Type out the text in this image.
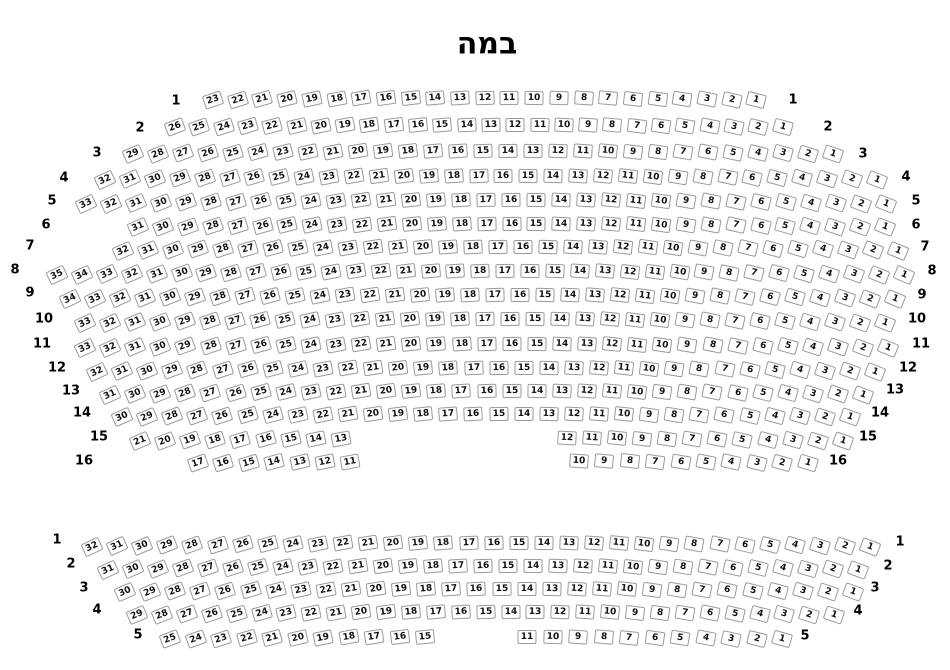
במה
23	22	21	20	19	18	17	16	15	14	13	12	11	10	9	8	7	6	5	4	3	2	1
1	1
26	25	24	23	22	21	20	19	18	17	16	15	14	13	12	11	10	9	8	7	6	5	4	3	2	1
2	2
29	28	27	26	25	24	23	22	21	20	19	18	17	16	15	14	13	12	11	10	9	8	7	6	5	4	3	2	1
3	3
32	31	30	29	28	27	26	25	24	23	22	21	20	19	18	17	16	15	14	13	12	11	10	9	8	7	6	5	4	3	2	1
4	4
33	32	31	30	29	28	27	26	25	24	23	22	21	20	19	18	17	16	15	14	13	12	11	10	9	8	7	6	5	4	3	2	1
5	5
31	30	29	28	27	26	25	24	23	22	21	20	19	18	17	16	15	14	13	12	11	10	9	8	7	6	5	4	3	2	1
6	6
32	31	30	29	28	27	26	25	24	23	22	21	20	19	18	17	16	15	14	13	12	11	10	9	8	7	6	5	4	3	2	1
7	7
35	34	33	32	31	30	29	28	27	26	25	24	23	22	21	20	19	18	17	16	15	14	13	12	11	10	9	8	7	6	5	4	3	2	1
8	8
34	33	32	31	30	29	28	27	26	25	24	23	22	21	20	19	18	17	16	15	14	13	12	11	10	9	8	7	6	5	4	3	2	1
9	9
33	32	31	30	29	28	27	26	25	24	23	22	21	20	19	18	17	16	15	14	13	12	11	10	9	8	7	6	5	4	3	2	1
10	10
33	32	31	30	29	28	27	26	25	24	23	22	21	20	19	18	17	16	15	14	13	12	11	10	9	8	7	6	5	4	3	2	1
11	11
32	31	30	29	28	27	26	25	24	23	22	21	20	19	18	17	16	15	14	13	12	11	10	9	8	7	6	5	4	3	2	1
12	12
31	30	29	28	27	26	25	24	23	22	21	20	19	18	17	16	15	14	13	12	11	10	9	8	7	6	5	4	3	2	1
13	13
30	29	28	27	26	25	24	23	22	21	20	19	18	17	16	15	14	13	12	11	10	9	8	7	6	5	4	3	2	1
14	14
21	20	19	18	17	16	15	14	13	12	11	10	9	8	7	6	5	4	3	2	1
15	15
17	16	15	14	13	12	11	10	9	8	7	6	5	4	3	2	1
16	16
32	31	30	29	28	27	26	25	24	23	22	21	20	19	18	17	16	15	14	13	12	11	10	9	8	7	6	5	4	3	2	1
1	1
31	30	29	28	27	26	25	24	23	22	21	20	19	18	17	16	15	14	13	12	11	10	9	8	7	6	5	4	3	2	1
2	2
30	29	28	27	26	25	24	23	22	21	20	19	18	17	16	15	14	13	12	11	10	9	8	7	6	5	4	3	2	1
3	3
29	28	27	26	25	24	23	22	21	20	19	18	17	16	15	14	13	12	11	10	9	8	7	6	5	4	3	2	1
4	4
25	24	23	22	21	20	19	18	17	16	15	11	10	9	8	7	6	5	4	3	2	1
5	5
